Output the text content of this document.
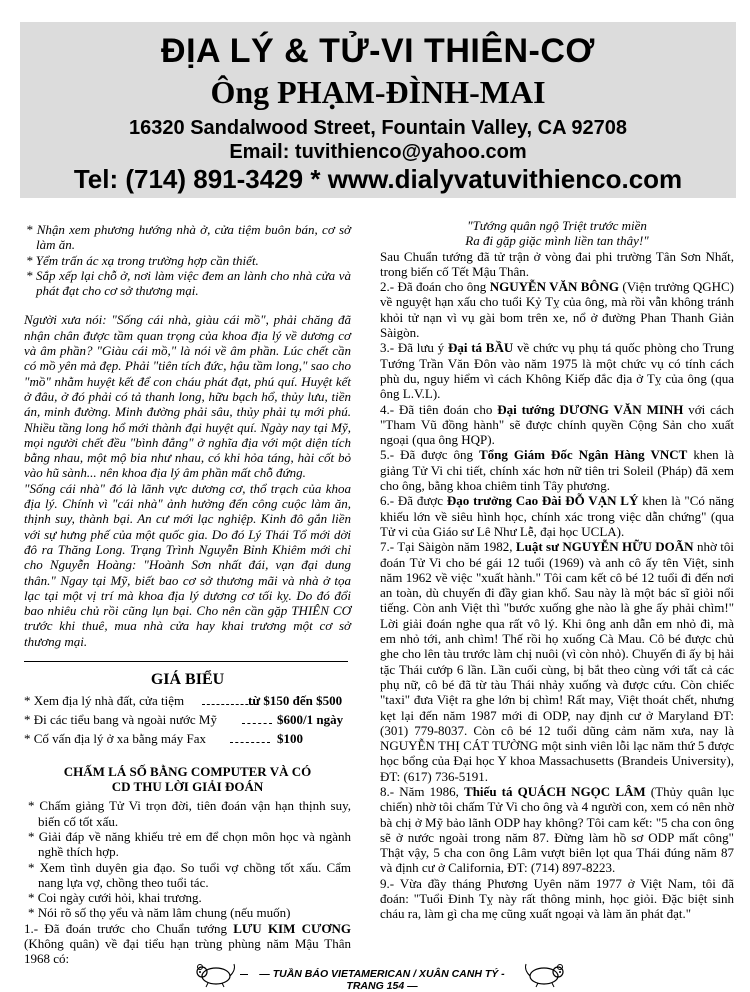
ĐỊA LÝ & TỬ-VI THIÊN-CƠ
Ông PHẠM-ĐÌNH-MAI
16320 Sandalwood Street, Fountain Valley, CA 92708
Email: tuvithienco@yahoo.com
Tel: (714) 891-3429 * www.dialyvatuvithienco.com

* Nhận xem phương hướng nhà ở, cửa tiệm buôn bán, cơ sở làm ăn.

* Yểm trấn ác xạ trong trường hợp cần thiết.

* Sắp xếp lại chỗ ở, nơi làm việc đem an lành cho nhà cửa và phát đạt cho cơ sở thương mại.

Người xưa nói: "Sống cái nhà, giàu cái mồ", phải chăng đã nhận chân được tầm quan trọng của khoa địa lý về dương cơ và âm phần? "Giàu cái mồ," là nói về âm phần. Lúc chết cần có mồ yên mả đẹp. Phải "tiên tích đức, hậu tầm long," sao cho "mồ" nhằm huyệt kết để con cháu phát đạt, phú quí. Huyệt kết ở đâu, ở đó phải có tả thanh long, hữu bạch hổ, thủy lưu, tiền án, minh đường. Minh đường phải sâu, thủy phải tụ mới phú. Nhiều tầng long hổ mới thành đại huyệt quí. Ngày nay tại Mỹ, mọi người chết đều "bình đẳng" ở nghĩa địa với một diện tích bằng nhau, một mộ bia như nhau, có khi hỏa táng, hài cốt bỏ vào hũ sành... nên khoa địa lý âm phần mất chỗ đứng.

"Sống cái nhà" đó là lãnh vực dương cơ, thổ trạch của khoa địa lý. Chính vì "cái nhà" ảnh hưởng đến công cuộc làm ăn, thịnh suy, thành bại. An cư mới lạc nghiệp. Kinh đô gắn liền với sự hưng phế của một quốc gia. Do đó Lý Thái Tổ mới dời đô ra Thăng Long. Trạng Trình Nguyễn Bỉnh Khiêm mới chỉ cho Nguyễn Hoàng: "Hoành Sơn nhất đái, vạn đại dung thân." Ngay tại Mỹ, biết bao cơ sở thương mãi và nhà ở tọa lạc tại một vị trí mà khoa địa lý dương cơ tối kỵ. Do đó đổi bao nhiêu chủ rồi cũng lụn bại. Cho nên cần gặp THIÊN CƠ trước khi thuê, mua nhà cửa hay khai trương một cơ sở thương mại.

GIÁ BIỂU
* Xem địa lý nhà đất, cửa tiệm	từ $150 đến $500
* Đi các tiểu bang và ngoài nước Mỹ	$600/1 ngày
* Cố vấn địa lý ở xa bằng máy Fax	$100
CHẤM LÁ SỐ BẰNG COMPUTER VÀ CÓ
CD THU LỜI GIẢI ĐOÁN

* Chấm giảng Tử Vi trọn đời, tiên đoán vận hạn thịnh suy, biến cố tốt xấu.

* Giải đáp về năng khiếu trẻ em để chọn môn học và ngành nghề thích hợp.

* Xem tình duyên gia đạo. So tuổi vợ chồng tốt xấu. Cẩm nang lựa vợ, chồng theo tuổi tác.

* Coi ngày cưới hỏi, khai trương.

* Nói rõ số thọ yểu và năm lâm chung (nếu muốn)

1.- Đã đoán trước cho Chuẩn tướng LƯU KIM CƯƠNG (Không quân) về đại tiểu hạn trùng phùng năm Mậu Thân 1968 có:

"Tướng quân ngộ Triệt trước miền

Ra đi gặp giặc mình liền tan thây!"

Sau Chuẩn tướng đã tử trận ở vòng đai phi trường Tân Sơn Nhất, trong biến cố Tết Mậu Thân.

2.- Đã đoán cho ông NGUYỄN VĂN BÔNG (Viện trưởng QGHC) về nguyệt hạn xấu cho tuổi Kỷ Tỵ của ông, mà rồi vẫn không tránh khỏi tử nạn vì vụ gài bom trên xe, nổ ở đường Phan Thanh Giản Sàigòn.

3.- Đã lưu ý Đại tá BẦU về chức vụ phụ tá quốc phòng cho Trung Tướng Trần Văn Đôn vào năm 1975 là một chức vụ có tính cách phù du, nguy hiểm vì cách Không Kiếp đắc địa ở Tỵ của ông (qua ông L.V.L).

4.- Đã tiên đoán cho Đại tướng DƯƠNG VĂN MINH với cách "Tham Vũ đồng hành" sẽ được chính quyền Cộng Sản cho xuất ngoại (qua ông HQP).

5.- Đã được ông Tổng Giám Đốc Ngân Hàng VNCT khen là giảng Tử Vi chi tiết, chính xác hơn nữ tiên tri Soleil (Pháp) đã xem cho ông, bằng khoa chiêm tinh Tây phương.

6.- Đã được Đạo trưởng Cao Đài ĐỖ VẠN LÝ khen là "Có năng khiếu lớn về siêu hình học, chính xác trong việc dẫn chứng" (qua Tử vi của Giáo sư Lê Như Lễ, đại học UCLA).

7.- Tại Sàigòn năm 1982, Luật sư NGUYỄN HỮU DOÃN nhờ tôi đoán Tử Vi cho bé gái 12 tuổi (1969) và anh cô ấy tên Việt, sinh năm 1962 về việc "xuất hành." Tôi cam kết cô bé 12 tuổi đi đến nơi an toàn, dù chuyến đi đầy gian khổ. Sau này là một bác sĩ giỏi nổi tiếng. Còn anh Việt thì "bước xuống ghe nào là ghe ấy phải chìm!" Lời giải đoán nghe qua rất vô lý. Khi ông anh dẫn em nhỏ đi, mà em nhỏ tới, anh chìm! Thế rồi họ xuống Cà Mau. Cô bé được chủ ghe cho lên tàu trước làm chị nuôi (vì còn nhỏ). Chuyến đi ấy bị hải tặc Thái cướp 6 lần. Lần cuối cùng, bị bắt theo cùng với tất cả các phụ nữ, cô bé đã từ tàu Thái nhảy xuống và được cứu. Còn chiếc "taxi" đưa Việt ra ghe lớn bị chìm! Rất may, Việt thoát chết, nhưng kẹt lại đến năm 1987 mới đi ODP, nay định cư ở Maryland ĐT: (301) 779-8037. Còn cô bé 12 tuổi dũng cảm năm xưa, nay là NGUYỄN THỊ CÁT TƯỜNG một sinh viên lỗi lạc năm thứ 5 được học bổng của Đại học Y khoa Massachusetts (Brandeis University), ĐT: (617) 736-5191.

8.- Năm 1986, Thiếu tá QUÁCH NGỌC LÂM (Thủy quân lục chiến) nhờ tôi chấm Tử Vi cho ông và 4 người con, xem có nên nhờ bà chị ở Mỹ bảo lãnh ODP hay không? Tôi cam kết: "5 cha con ông sẽ ở nước ngoài trong năm 87. Đừng làm hồ sơ ODP mất công" Thật vậy, 5 cha con ông Lâm vượt biên lọt qua Thái đúng năm 87 và định cư ở California, ĐT: (714) 897-8223.

9.- Vừa đầy tháng Phương Uyên năm 1977 ở Việt Nam, tôi đã đoán: "Tuổi Đinh Tỵ này rất thông minh, học giỏi. Đặc biệt sinh cháu ra, làm gì cha mẹ cũng xuất ngoại và làm ăn phát đạt."

— TUẦN BÁO VIETAMERICAN / XUÂN CANH TÝ - TRANG 154 —
